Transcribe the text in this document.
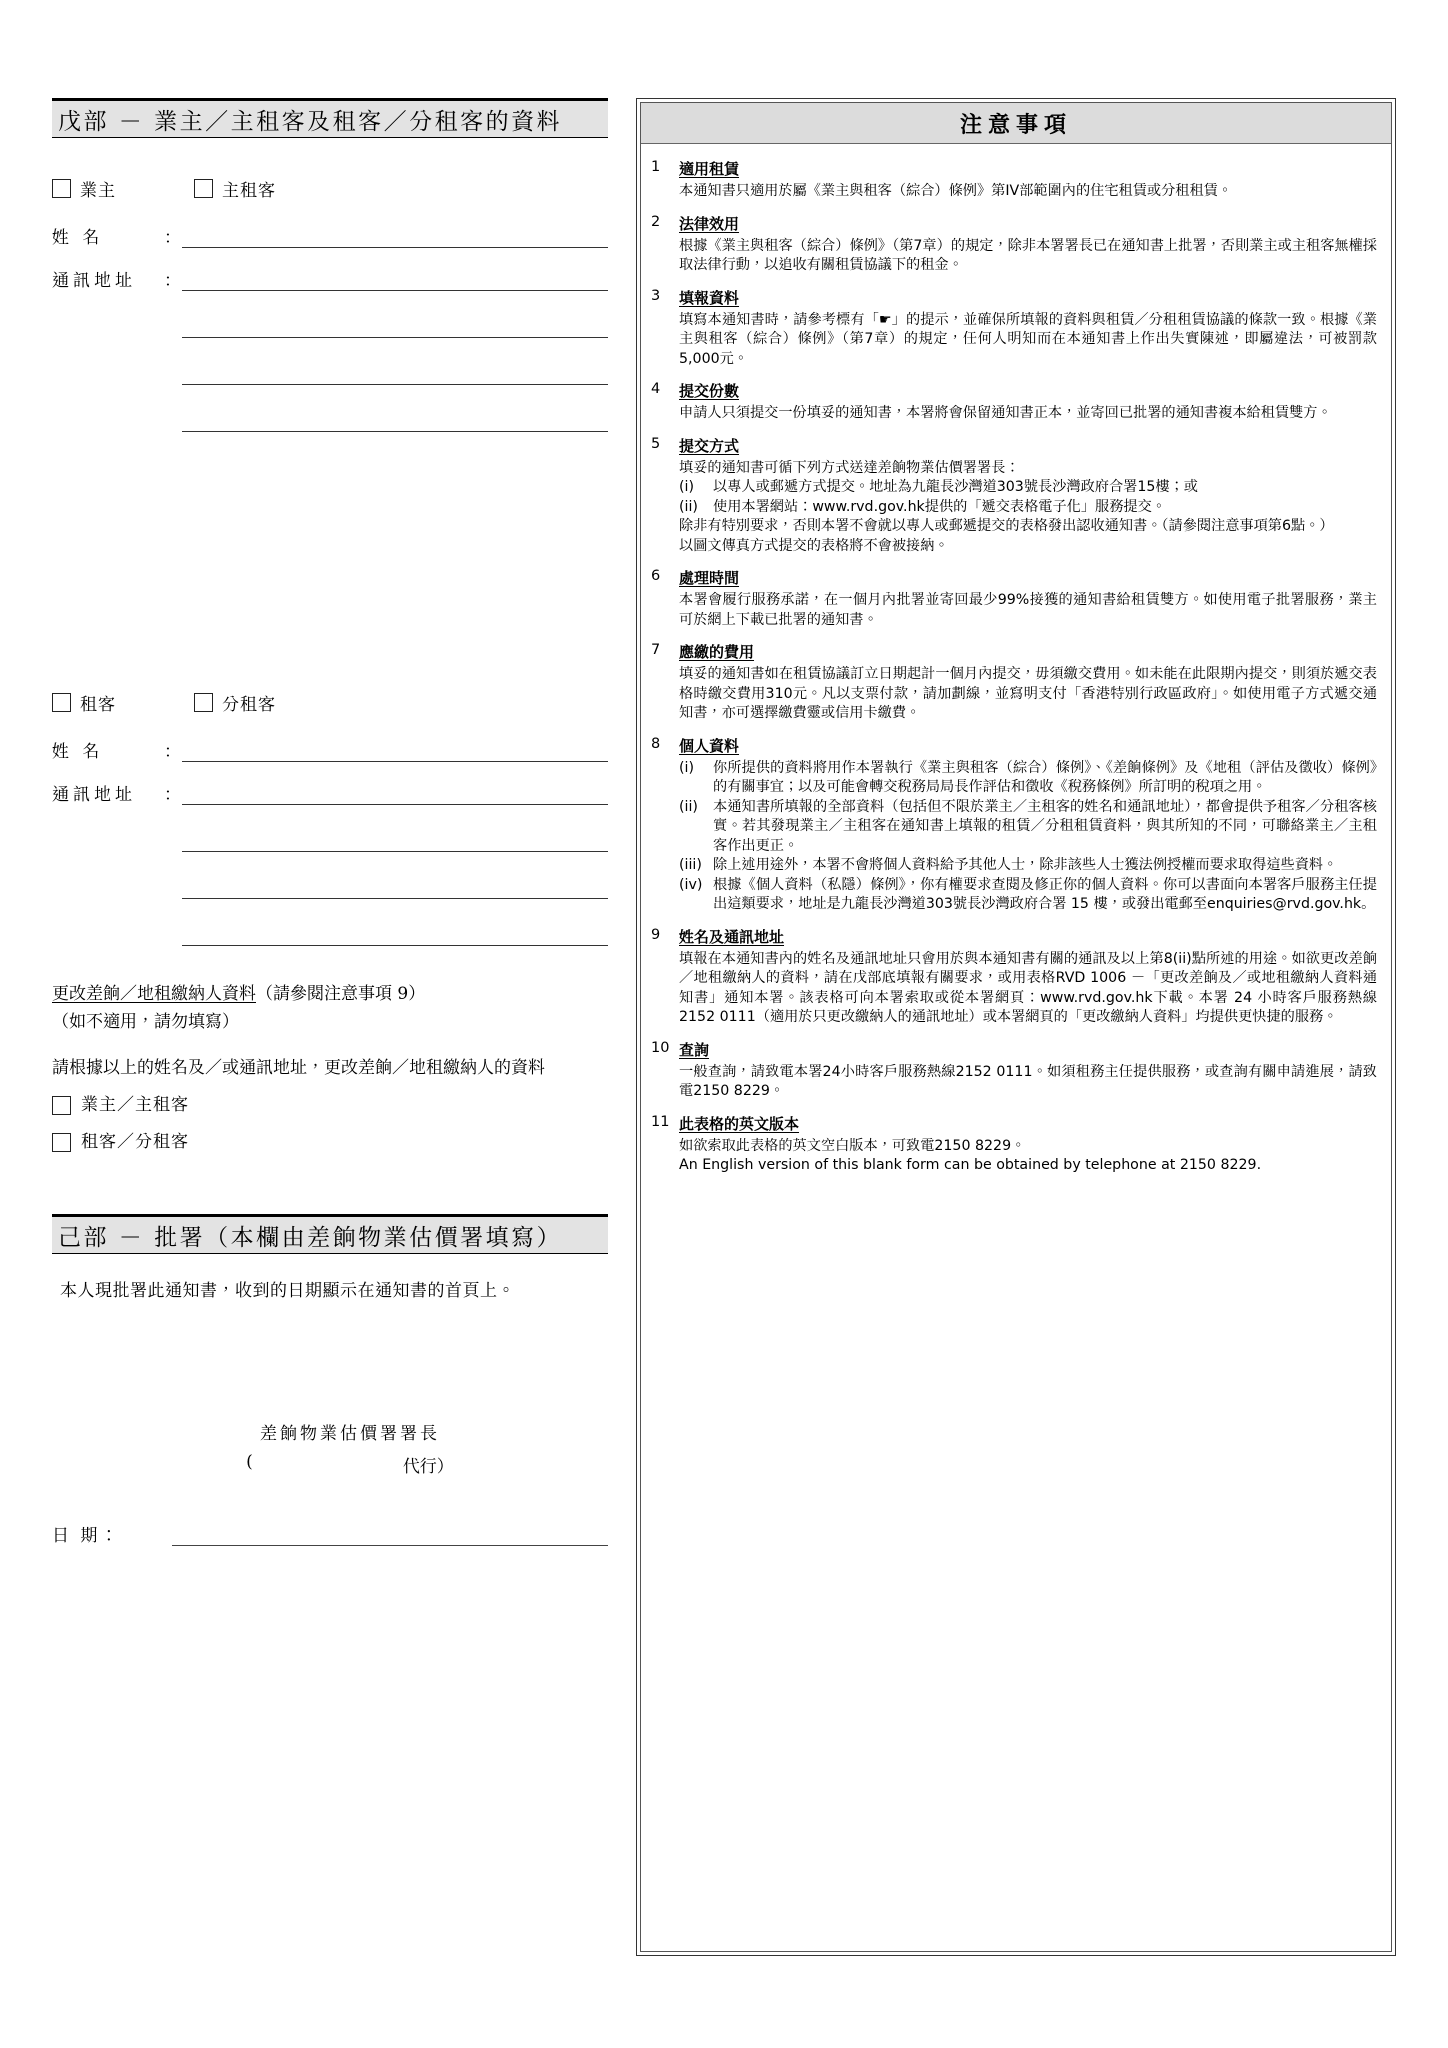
戊部 － 業主／主租客及租客／分租客的資料
業主	主租客
姓 名	：
通訊地址	：
租客	分租客
姓 名	：
通訊地址	：
更改差餉／地租繳納人資料（請參閱注意事項 9）
（如不適用，請勿填寫）
請根據以上的姓名及／或通訊地址，更改差餉／地租繳納人的資料
業主／主租客
租客／分租客
己部 － 批署（本欄由差餉物業估價署填寫）
本人現批署此通知書，收到的日期顯示在通知書的首頁上。
差餉物業估價署署長
(	代行）
日 期：
注意事項
1	適用租賃
本通知書只適用於屬《業主與租客（綜合）條例》第IV部範圍內的住宅租賃或分租租賃。
2	法律效用
根據《業主與租客（綜合）條例》（第7章）的規定，除非本署署長已在通知書上批署，否則業主或主租客無權採取法律行動，以追收有關租賃協議下的租金。
3	填報資料
填寫本通知書時，請參考標有「☛」的提示，並確保所填報的資料與租賃／分租租賃協議的條款一致。根據《業主與租客（綜合）條例》（第7章）的規定，任何人明知而在本通知書上作出失實陳述，即屬違法，可被罰款5,000元。
4	提交份數
申請人只須提交一份填妥的通知書，本署將會保留通知書正本，並寄回已批署的通知書複本給租賃雙方。
5	提交方式
填妥的通知書可循下列方式送達差餉物業估價署署長：
(i)	以專人或郵遞方式提交。地址為九龍長沙灣道303號長沙灣政府合署15樓；或
(ii)	使用本署網站：www.rvd.gov.hk提供的「遞交表格電子化」服務提交。
除非有特別要求，否則本署不會就以專人或郵遞提交的表格發出認收通知書。（請參閱注意事項第6點。）
以圖文傳真方式提交的表格將不會被接納。
6	處理時間
本署會履行服務承諾，在一個月內批署並寄回最少99%接獲的通知書給租賃雙方。如使用電子批署服務，業主可於網上下載已批署的通知書。
7	應繳的費用
填妥的通知書如在租賃協議訂立日期起計一個月內提交，毋須繳交費用。如未能在此限期內提交，則須於遞交表格時繳交費用310元。凡以支票付款，請加劃線，並寫明支付「香港特別行政區政府」。如使用電子方式遞交通知書，亦可選擇繳費靈或信用卡繳費。
8	個人資料
(i)	你所提供的資料將用作本署執行《業主與租客（綜合）條例》、《差餉條例》及《地租（評估及徵收）條例》的有關事宜；以及可能會轉交稅務局局長作評估和徵收《稅務條例》所訂明的稅項之用。
(ii)	本通知書所填報的全部資料（包括但不限於業主／主租客的姓名和通訊地址），都會提供予租客／分租客核實。若其發現業主／主租客在通知書上填報的租賃／分租租賃資料，與其所知的不同，可聯絡業主／主租客作出更正。
(iii) 除上述用途外，本署不會將個人資料給予其他人士，除非該些人士獲法例授權而要求取得這些資料。
(iv) 根據《個人資料（私隱）條例》，你有權要求查閱及修正你的個人資料。你可以書面向本署客戶服務主任提出這類要求，地址是九龍長沙灣道303號長沙灣政府合署 15 樓，或發出電郵至enquiries@rvd.gov.hk。
9	姓名及通訊地址
填報在本通知書內的姓名及通訊地址只會用於與本通知書有關的通訊及以上第8(ii)點所述的用途。如欲更改差餉／地租繳納人的資料，請在戊部底填報有關要求，或用表格RVD 1006 －「更改差餉及／或地租繳納人資料通知書」通知本署。該表格可向本署索取或從本署網頁：www.rvd.gov.hk下載。本署 24 小時客戶服務熱線2152 0111（適用於只更改繳納人的通訊地址）或本署網頁的「更改繳納人資料」均提供更快捷的服務。
10 查詢
一般查詢，請致電本署24小時客戶服務熱線2152 0111。如須租務主任提供服務，或查詢有關申請進展，請致電2150 8229。
11 此表格的英文版本
如欲索取此表格的英文空白版本，可致電2150 8229。
An English version of this blank form can be obtained by telephone at 2150 8229.
